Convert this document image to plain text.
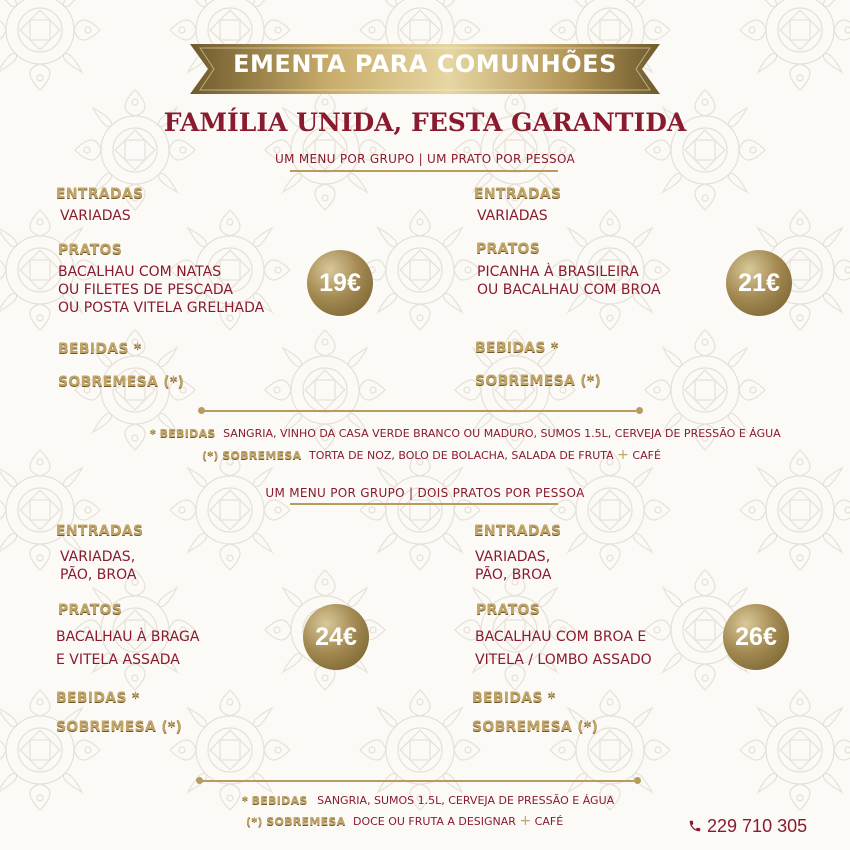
EMENTA PARA COMUNHÕES
FAMÍLIA UNIDA, FESTA GARANTIDA
UM MENU POR GRUPO | UM PRATO POR PESSOA
ENTRADAS
VARIADAS
PRATOS
BACALHAU COM NATAS
OU FILETES DE PESCADA
OU POSTA VITELA GRELHADA
BEBIDAS *
SOBREMESA (*)
19€
ENTRADAS
VARIADAS
PRATOS
PICANHA À BRASILEIRA
OU BACALHAU COM BROA
BEBIDAS *
SOBREMESA (*)
21€
* BEBIDAS SANGRIA, VINHO DA CASA VERDE BRANCO OU MADURO, SUMOS 1.5L, CERVEJA DE PRESSÃO E ÁGUA
(*) SOBREMESA TORTA DE NOZ, BOLO DE BOLACHA, SALADA DE FRUTA + CAFÉ
UM MENU POR GRUPO | DOIS PRATOS POR PESSOA
ENTRADAS
VARIADAS,
PÃO, BROA
PRATOS
BACALHAU À BRAGA
E VITELA ASSADA
BEBIDAS *
SOBREMESA (*)
24€
ENTRADAS
VARIADAS,
PÃO, BROA
PRATOS
BACALHAU COM BROA E
VITELA / LOMBO ASSADO
BEBIDAS *
SOBREMESA (*)
26€
* BEBIDAS SANGRIA, SUMOS 1.5L, CERVEJA DE PRESSÃO E ÁGUA
(*) SOBREMESA DOCE OU FRUTA A DESIGNAR + CAFÉ	229 710 305
